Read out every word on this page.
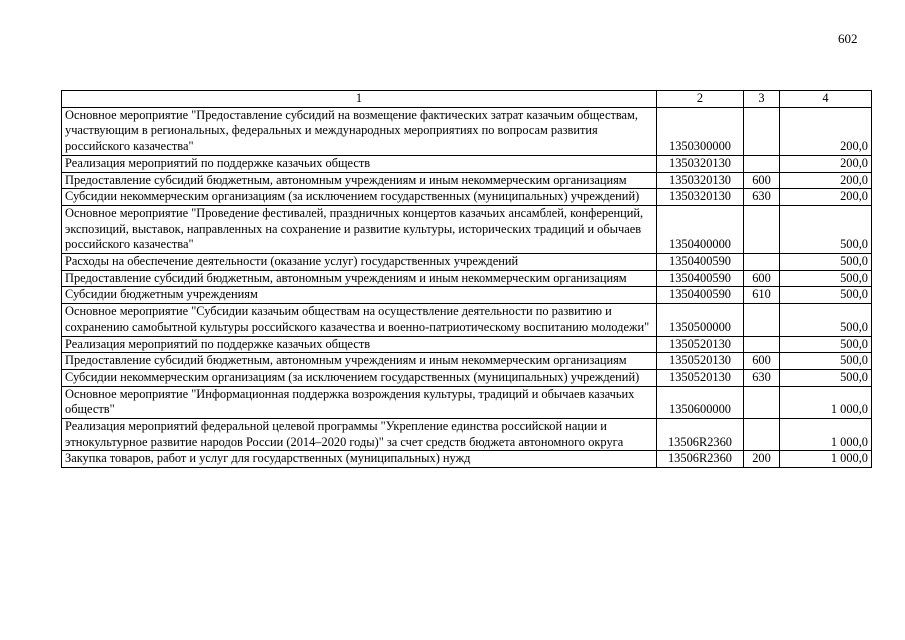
602
1	2	3	4
Основное мероприятие "Предоставление субсидий на возмещение фактических затрат казачьим обществам, участвующим в региональных, федеральных и международных мероприятиях по вопросам развития российского казачества"	1350300000		200,0
Реализация мероприятий по поддержке казачьих обществ	1350320130		200,0
Предоставление субсидий бюджетным, автономным учреждениям и иным некоммерческим организациям	1350320130	600	200,0
Субсидии некоммерческим организациям (за исключением государственных (муниципальных) учреждений)	1350320130	630	200,0
Основное мероприятие "Проведение фестивалей, праздничных концертов казачьих ансамблей, конференций, экспозиций, выставок, направленных на сохранение и развитие культуры, исторических традиций и обычаев российского казачества"	1350400000		500,0
Расходы на обеспечение деятельности (оказание услуг) государственных учреждений	1350400590		500,0
Предоставление субсидий бюджетным, автономным учреждениям и иным некоммерческим организациям	1350400590	600	500,0
Субсидии бюджетным учреждениям	1350400590	610	500,0
Основное мероприятие "Субсидии казачьим обществам на осуществление деятельности по развитию и сохранению самобытной культуры российского казачества и военно-патриотическому воспитанию молодежи"	1350500000		500,0
Реализация мероприятий по поддержке казачьих обществ	1350520130		500,0
Предоставление субсидий бюджетным, автономным учреждениям и иным некоммерческим организациям	1350520130	600	500,0
Субсидии некоммерческим организациям (за исключением государственных (муниципальных) учреждений)	1350520130	630	500,0
Основное мероприятие "Информационная поддержка возрождения культуры, традиций и обычаев казачьих обществ"	1350600000		1 000,0
Реализация мероприятий федеральной целевой программы "Укрепление единства российской нации и этнокультурное развитие народов России (2014–2020 годы)" за счет средств бюджета автономного округа	13506R2360		1 000,0
Закупка товаров, работ и услуг для государственных (муниципальных) нужд	13506R2360	200	1 000,0
